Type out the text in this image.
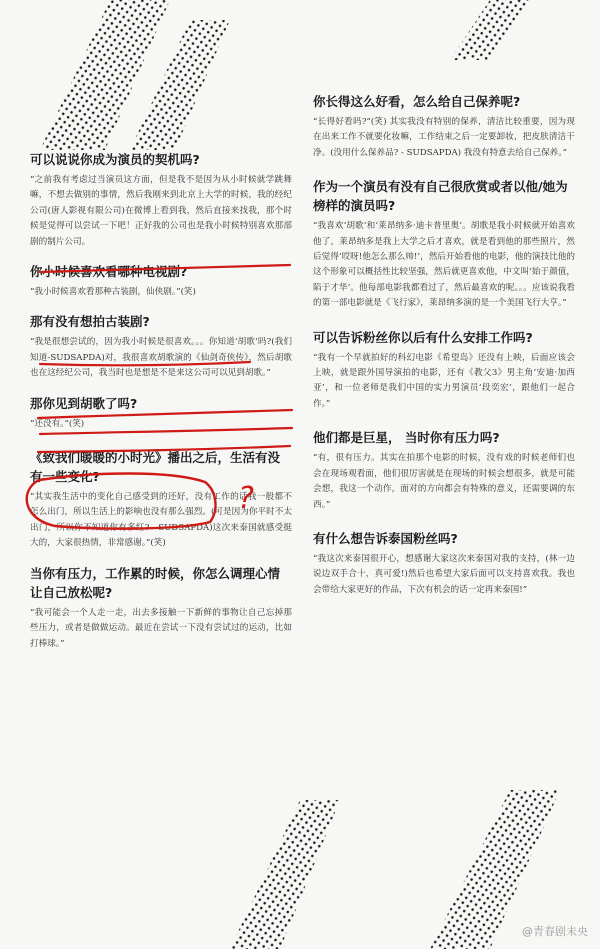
可以说说你成为演员的契机吗?

“之前我有考虑过当演员这方面，但是我不是因为从小时候就学跳舞嘛，不想去做别的事情，然后我刚来到北京上大学的时候，我的经纪公司(唐人影视有限公司)在微博上看到我，然后直接来找我，那个时候是觉得可以尝试一下吧！正好我的公司也是我小时候特别喜欢那部剧的制片公司。

你小时候喜欢看哪种电视剧?

“我小时候喜欢看那种古装剧，仙侠剧。”(笑)

那有没有想拍古装剧?

“我是很想尝试的，因为我小时候是很喜欢。。。你知道‘胡歌’吗?(我们知道-SUDSAPDA)对，我很喜欢胡歌演的《仙剑奇侠传》，然后胡歌也在这经纪公司，我当时也是想是不是来这公司可以见到胡歌。”

那你见到胡歌了吗?

“还没有。”(笑)

《致我们暖暖的小时光》播出之后，生活有没有一些变化?

“其实我生活中的变化自己感受到的还好，没有工作的话我一般都不怎么出门，所以生活上的影响也没有那么强烈。(可是因为你平时不太出门，所以你不知道你有多红? - SUDSAPDA)这次来泰国就感受挺大的，大家很热情，非常感谢。”(笑)

当你有压力，工作累的时候，你怎么调理心情让自己放松呢?

“我可能会一个人走一走，出去多接触一下新鲜的事物让自己忘掉那些压力，或者是做做运动。最近在尝试一下没有尝试过的运动，比如打棒球。”

你长得这么好看，怎么给自己保养呢?

“长得好看吗?”(笑) 其实我没有特别的保养，清洁比较重要，因为现在出来工作不就要化妆嘛，工作结束之后一定要卸妆，把皮肤清洁干净。(没用什么保养品? - SUDSAPDA) 我没有特意去给自己保养。”

作为一个演员有没有自己很欣赏或者以他/她为榜样的演员吗?

“我喜欢‘胡歌’和‘莱昂纳多·迪卡普里奥’。胡歌是我小时候就开始喜欢他了，莱昂纳多是我上大学之后才喜欢，就是看到他的那些照片，然后觉得‘哎呀!他怎么那么帅!’，然后开始看他的电影，他的演技比他的这个形象可以概括性比较坚强，然后就更喜欢他，中文叫‘始于颜值，陷于才华’。他每部电影我都看过了，然后最喜欢的呢。。。应该说我看的第一部电影就是《飞行家》，莱昂纳多演的是一个美国飞行大亨。”

可以告诉粉丝你以后有什么安排工作吗?

“我有一个早就拍好的科幻电影《希望岛》还没有上映，后面应该会上映，就是跟外国导演拍的电影，还有《教父3》男主角‘安迪·加西亚’，和一位老师是我们中国的实力男演员‘段奕宏’，跟他们一起合作。”

他们都是巨星， 当时你有压力吗?

“有，很有压力。其实在拍那个电影的时候，没有戏的时候老师们也会在现场观看面，他们很厉害就是在现场的时候会想很多，就是可能会想，我这一个动作，面对的方向都会有特殊的意义，还需要调的东西。”

有什么想告诉泰国粉丝吗?

“我这次来泰国很开心，想感谢大家这次来泰国对我的支持，(林一边说边双手合十，真可爱!)然后也希望大家后面可以支持喜欢我。我也会带给大家更好的作品，下次有机会的话一定再来泰国!”

?
@青春剧未央
